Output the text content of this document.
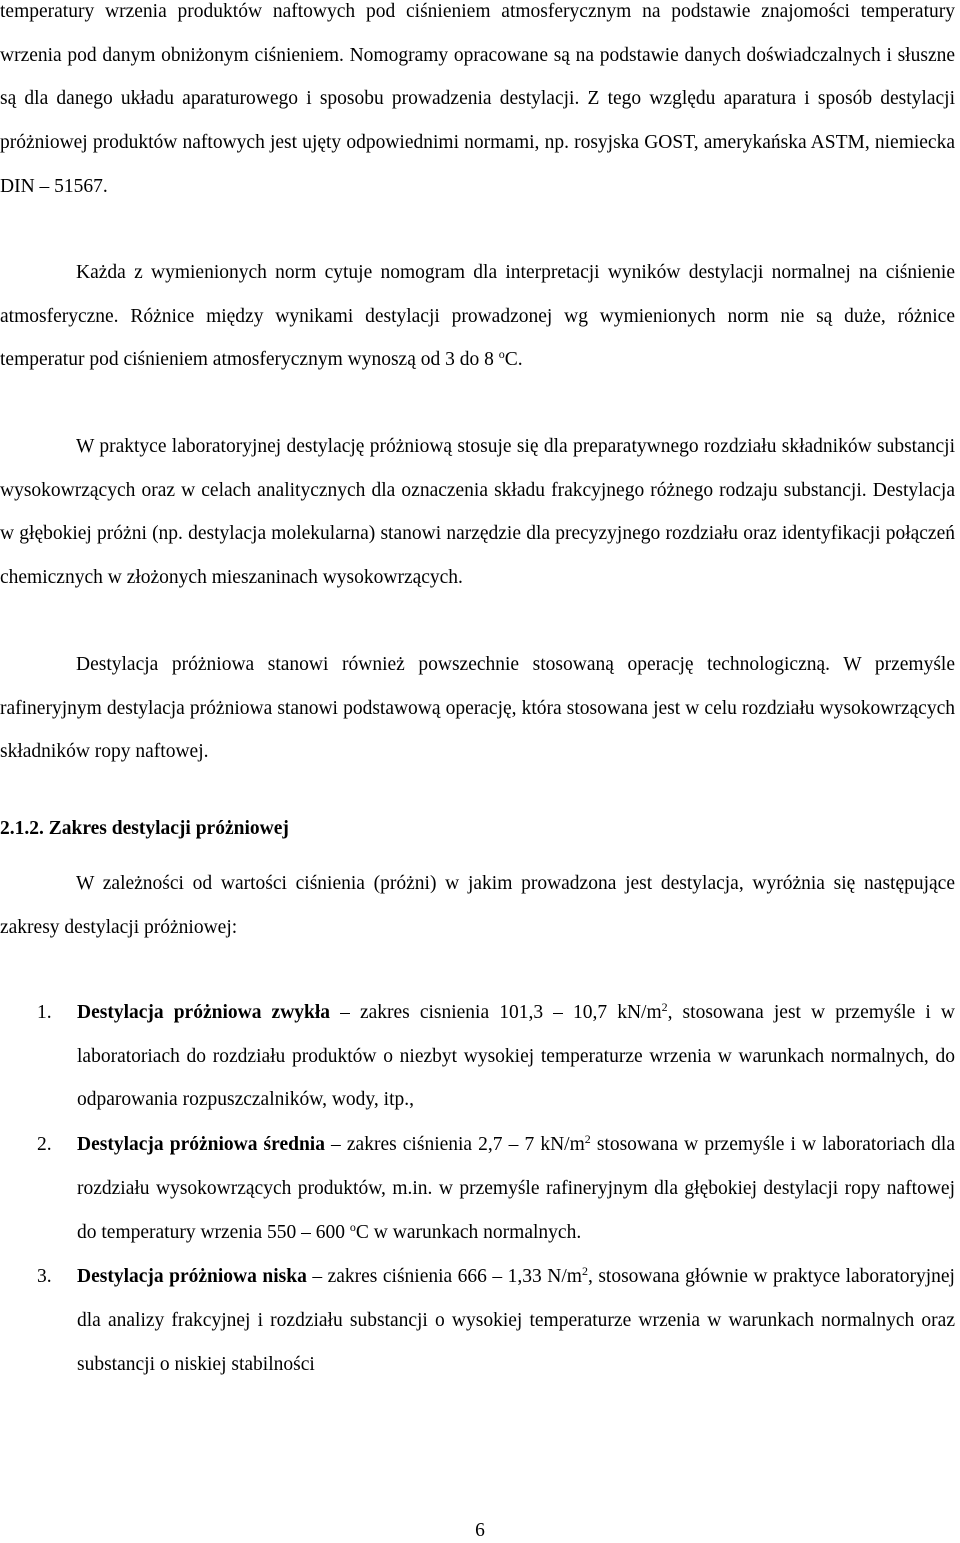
temperatury wrzenia produktów naftowych pod ciśnieniem atmosferycznym na podstawie znajomości temperatury wrzenia pod danym obniżonym ciśnieniem. Nomogramy opracowane są na podstawie danych doświadczalnych i słuszne są dla danego układu aparaturowego i sposobu prowadzenia destylacji. Z tego względu aparatura i sposób destylacji próżniowej produktów naftowych jest ujęty odpowiednimi normami, np. rosyjska GOST, amerykańska ASTM, niemiecka DIN – 51567.

Każda z wymienionych norm cytuje nomogram dla interpretacji wyników destylacji normalnej na ciśnienie atmosferyczne. Różnice między wynikami destylacji prowadzonej wg wymienionych norm nie są duże, różnice temperatur pod ciśnieniem atmosferycznym wynoszą od 3 do 8 $^o$C.

W praktyce laboratoryjnej destylację próżniową stosuje się dla preparatywnego rozdziału składników substancji wysokowrzących oraz w celach analitycznych dla oznaczenia składu frakcyjnego różnego rodzaju substancji. Destylacja w głębokiej próżni (np. destylacja molekularna) stanowi narzędzie dla precyzyjnego rozdziału oraz identyfikacji połączeń chemicznych w złożonych mieszaninach wysokowrzących.

Destylacja próżniowa stanowi również powszechnie stosowaną operację technologiczną. W przemyśle rafineryjnym destylacja próżniowa stanowi podstawową operację, która stosowana jest w celu rozdziału wysokowrzących składników ropy naftowej.

2.1.2. Zakres destylacji próżniowej

W zależności od wartości ciśnienia (próżni) w jakim prowadzona jest destylacja, wyróżnia się następujące zakresy destylacji próżniowej:

1. Destylacja próżniowa zwykła – zakres cisnienia 101,3 – 10,7 $kN/m^2$, stosowana jest w przemyśle i w laboratoriach do rozdziału produktów o niezbyt wysokiej temperaturze wrzenia w warunkach normalnych, do odparowania rozpuszczalników, wody, itp.,
2. Destylacja próżniowa średnia – zakres ciśnienia 2,7 – 7 $kN/m^2$ stosowana w przemyśle i w laboratoriach dla rozdziału wysokowrzących produktów, m.in. w przemyśle rafineryjnym dla głębokiej destylacji ropy naftowej do temperatury wrzenia 550 – 600 $^o$C w warunkach normalnych.
3. Destylacja próżniowa niska – zakres ciśnienia 666 – 1,33 $N/m^2$, stosowana głównie w praktyce laboratoryjnej dla analizy frakcyjnej i rozdziału substancji o wysokiej temperaturze wrzenia w warunkach normalnych oraz substancji o niskiej stabilności
6
